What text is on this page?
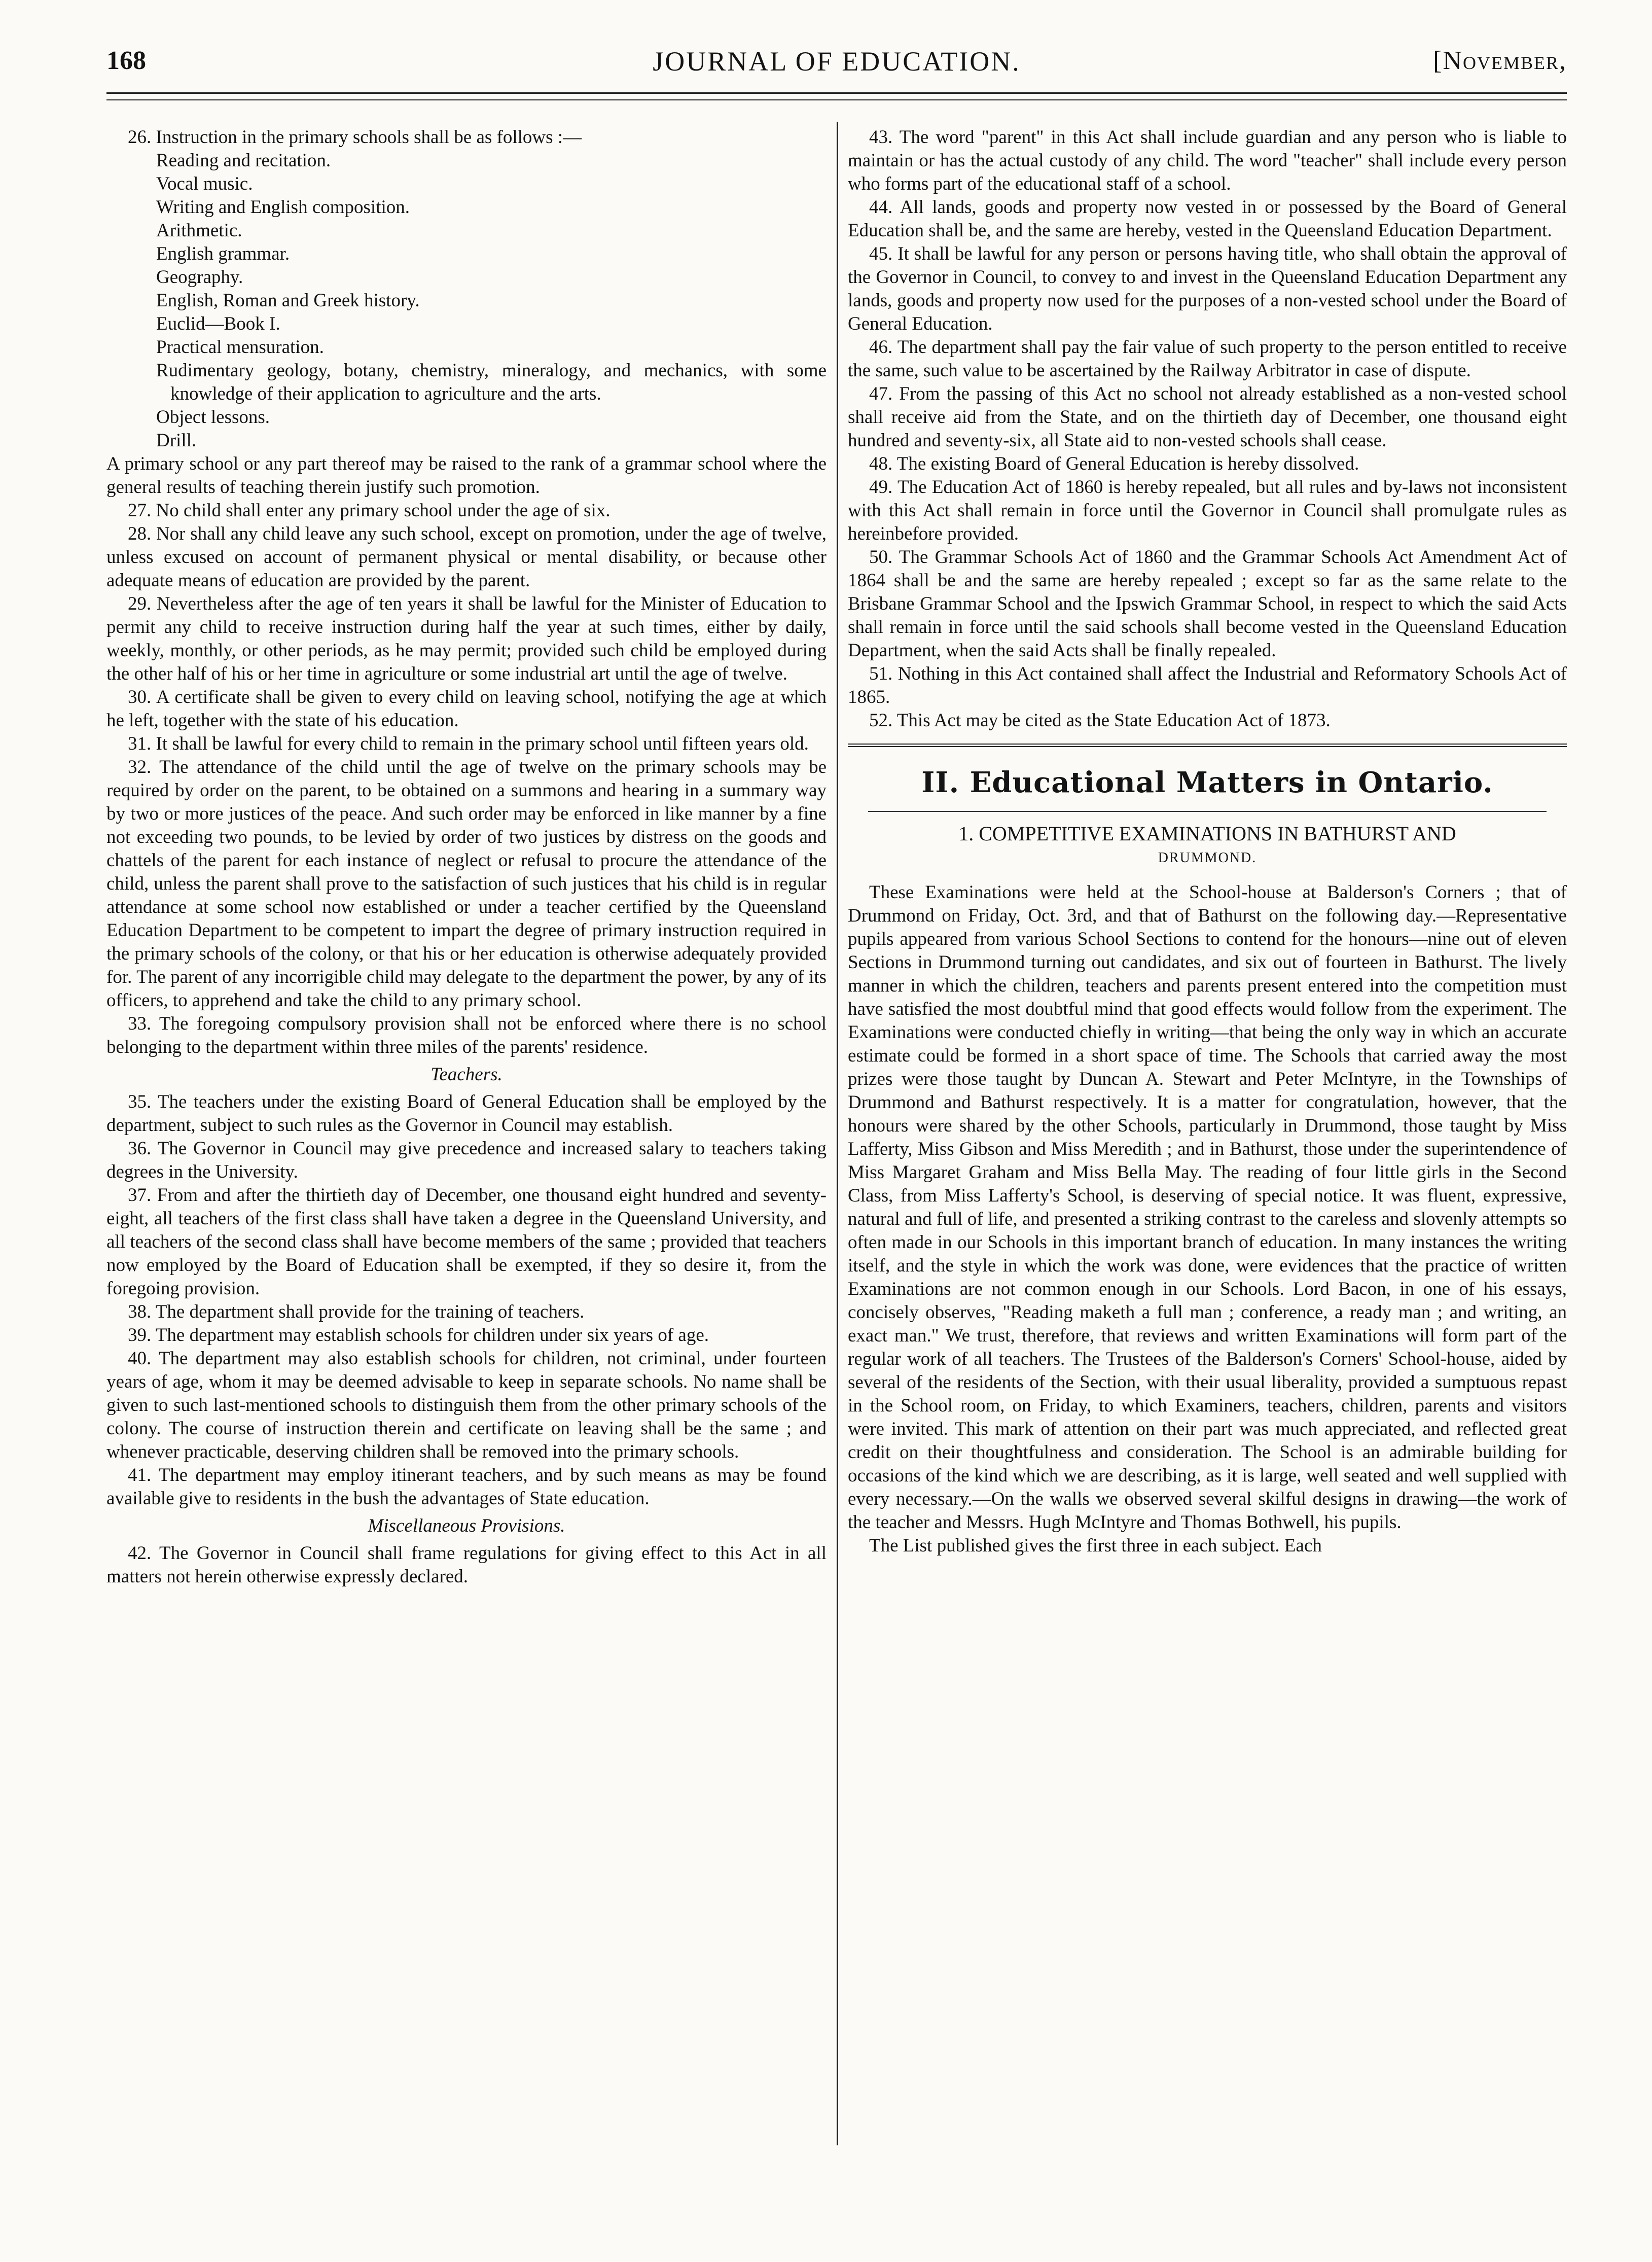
168	JOURNAL OF EDUCATION.	[November,

26. Instruction in the primary schools shall be as follows :—

Reading and recitation.
Vocal music.
Writing and English composition.
Arithmetic.
English grammar.
Geography.
English, Roman and Greek history.
Euclid—Book I.
Practical mensuration.
Rudimentary geology, botany, chemistry, mineralogy, and mechanics, with some knowledge of their application to agriculture and the arts.
Object lessons.
Drill.

A primary school or any part thereof may be raised to the rank of a grammar school where the general results of teaching therein justify such promotion.

27. No child shall enter any primary school under the age of six.

28. Nor shall any child leave any such school, except on promotion, under the age of twelve, unless excused on account of permanent physical or mental disability, or because other adequate means of education are provided by the parent.

29. Nevertheless after the age of ten years it shall be lawful for the Minister of Education to permit any child to receive instruction during half the year at such times, either by daily, weekly, monthly, or other periods, as he may permit; provided such child be employed during the other half of his or her time in agriculture or some industrial art until the age of twelve.

30. A certificate shall be given to every child on leaving school, notifying the age at which he left, together with the state of his education.

31. It shall be lawful for every child to remain in the primary school until fifteen years old.

32. The attendance of the child until the age of twelve on the primary schools may be required by order on the parent, to be obtained on a summons and hearing in a summary way by two or more justices of the peace. And such order may be enforced in like manner by a fine not exceeding two pounds, to be levied by order of two justices by distress on the goods and chattels of the parent for each instance of neglect or refusal to procure the attendance of the child, unless the parent shall prove to the satisfaction of such justices that his child is in regular attendance at some school now established or under a teacher certified by the Queensland Education Department to be competent to impart the degree of primary instruction required in the primary schools of the colony, or that his or her education is otherwise adequately provided for. The parent of any incorrigible child may delegate to the department the power, by any of its officers, to apprehend and take the child to any primary school.

33. The foregoing compulsory provision shall not be enforced where there is no school belonging to the department within three miles of the parents' residence.

Teachers.

35. The teachers under the existing Board of General Education shall be employed by the department, subject to such rules as the Governor in Council may establish.

36. The Governor in Council may give precedence and increased salary to teachers taking degrees in the University.

37. From and after the thirtieth day of December, one thousand eight hundred and seventy-eight, all teachers of the first class shall have taken a degree in the Queensland University, and all teachers of the second class shall have become members of the same ; provided that teachers now employed by the Board of Education shall be exempted, if they so desire it, from the foregoing provision.

38. The department shall provide for the training of teachers.

39. The department may establish schools for children under six years of age.

40. The department may also establish schools for children, not criminal, under fourteen years of age, whom it may be deemed advisable to keep in separate schools. No name shall be given to such last-mentioned schools to distinguish them from the other primary schools of the colony. The course of instruction therein and certificate on leaving shall be the same ; and whenever practicable, deserving children shall be removed into the primary schools.

41. The department may employ itinerant teachers, and by such means as may be found available give to residents in the bush the advantages of State education.

Miscellaneous Provisions.

42. The Governor in Council shall frame regulations for giving effect to this Act in all matters not herein otherwise expressly declared.

43. The word "parent" in this Act shall include guardian and any person who is liable to maintain or has the actual custody of any child. The word "teacher" shall include every person who forms part of the educational staff of a school.

44. All lands, goods and property now vested in or possessed by the Board of General Education shall be, and the same are hereby, vested in the Queensland Education Department.

45. It shall be lawful for any person or persons having title, who shall obtain the approval of the Governor in Council, to convey to and invest in the Queensland Education Department any lands, goods and property now used for the purposes of a non-vested school under the Board of General Education.

46. The department shall pay the fair value of such property to the person entitled to receive the same, such value to be ascertained by the Railway Arbitrator in case of dispute.

47. From the passing of this Act no school not already established as a non-vested school shall receive aid from the State, and on the thirtieth day of December, one thousand eight hundred and seventy-six, all State aid to non-vested schools shall cease.

48. The existing Board of General Education is hereby dissolved.

49. The Education Act of 1860 is hereby repealed, but all rules and by-laws not inconsistent with this Act shall remain in force until the Governor in Council shall promulgate rules as hereinbefore provided.

50. The Grammar Schools Act of 1860 and the Grammar Schools Act Amendment Act of 1864 shall be and the same are hereby repealed ; except so far as the same relate to the Brisbane Grammar School and the Ipswich Grammar School, in respect to which the said Acts shall remain in force until the said schools shall become vested in the Queensland Education Department, when the said Acts shall be finally repealed.

51. Nothing in this Act contained shall affect the Industrial and Reformatory Schools Act of 1865.

52. This Act may be cited as the State Education Act of 1873.

II. Educational Matters in Ontario.

1. COMPETITIVE EXAMINATIONS IN BATHURST AND

DRUMMOND.

These Examinations were held at the School-house at Balderson's Corners ; that of Drummond on Friday, Oct. 3rd, and that of Bathurst on the following day.—Representative pupils appeared from various School Sections to contend for the honours—nine out of eleven Sections in Drummond turning out candidates, and six out of fourteen in Bathurst. The lively manner in which the children, teachers and parents present entered into the competition must have satisfied the most doubtful mind that good effects would follow from the experiment. The Examinations were conducted chiefly in writing—that being the only way in which an accurate estimate could be formed in a short space of time. The Schools that carried away the most prizes were those taught by Duncan A. Stewart and Peter McIntyre, in the Townships of Drummond and Bathurst respectively. It is a matter for congratulation, however, that the honours were shared by the other Schools, particularly in Drummond, those taught by Miss Lafferty, Miss Gibson and Miss Meredith ; and in Bathurst, those under the superintendence of Miss Margaret Graham and Miss Bella May. The reading of four little girls in the Second Class, from Miss Lafferty's School, is deserving of special notice. It was fluent, expressive, natural and full of life, and presented a striking contrast to the careless and slovenly attempts so often made in our Schools in this important branch of education. In many instances the writing itself, and the style in which the work was done, were evidences that the practice of written Examinations are not common enough in our Schools. Lord Bacon, in one of his essays, concisely observes, "Reading maketh a full man ; conference, a ready man ; and writing, an exact man." We trust, therefore, that reviews and written Examinations will form part of the regular work of all teachers. The Trustees of the Balderson's Corners' School-house, aided by several of the residents of the Section, with their usual liberality, provided a sumptuous repast in the School room, on Friday, to which Examiners, teachers, children, parents and visitors were invited. This mark of attention on their part was much appreciated, and reflected great credit on their thoughtfulness and consideration. The School is an admirable building for occasions of the kind which we are describing, as it is large, well seated and well supplied with every necessary.—On the walls we observed several skilful designs in drawing—the work of the teacher and Messrs. Hugh McIntyre and Thomas Bothwell, his pupils.

The List published gives the first three in each subject. Each
